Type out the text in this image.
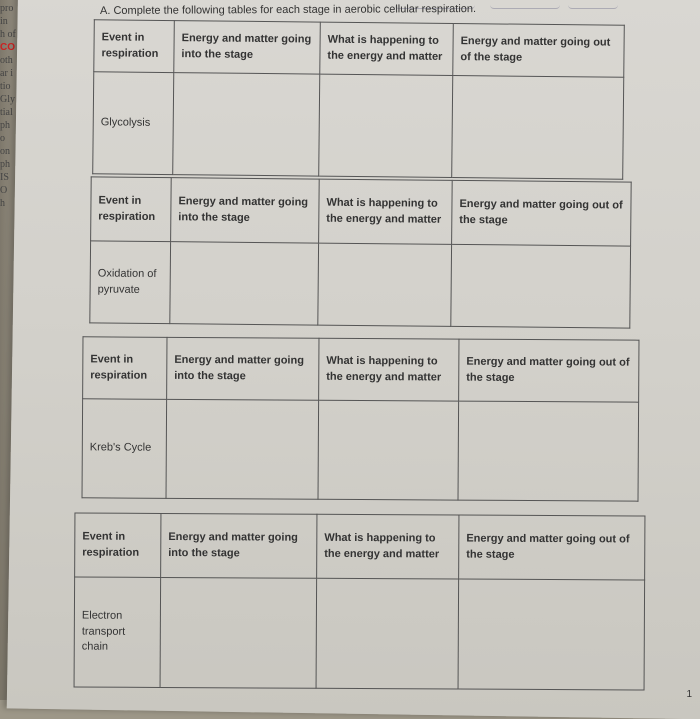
pro
in
h of
CO
oth
ar i
tio
Gly
tial
ph
o
on
ph
IS
O
h
A. Complete the following tables for each stage in aerobic cellular respiration.
Event in respiration	Energy and matter going into the stage	What is happening to the energy and matter	Energy and matter going out of the stage
Glycolysis			
Event in respiration	Energy and matter going into the stage	What is happening to the energy and matter	Energy and matter going out of the stage
Oxidation of pyruvate			
Event in respiration	Energy and matter going into the stage	What is happening to the energy and matter	Energy and matter going out of the stage
Kreb's Cycle			
Event in respiration	Energy and matter going into the stage	What is happening to the energy and matter	Energy and matter going out of the stage
Electron transport chain			
1
